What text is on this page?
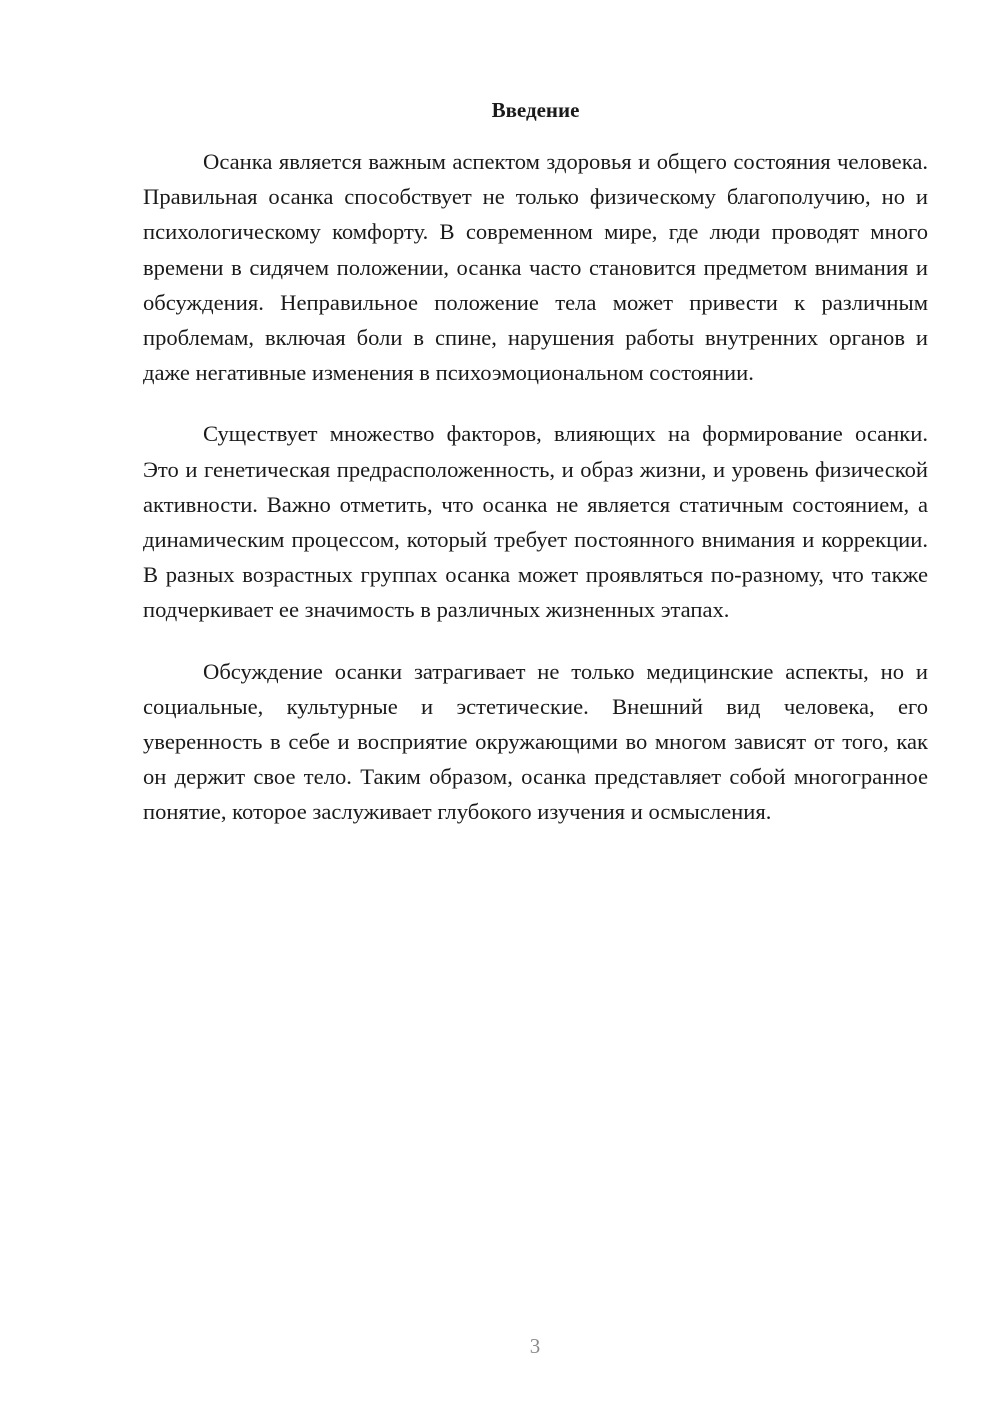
Введение

Осанка является важным аспектом здоровья и общего состояния человека. Правильная осанка способствует не только физическому благополучию, но и психологическому комфорту. В современном мире, где люди проводят много времени в сидячем положении, осанка часто становится предметом внимания и обсуждения. Неправильное положение тела может привести к различным проблемам, включая боли в спине, нарушения работы внутренних органов и даже негативные изменения в психоэмоциональном состоянии.

Существует множество факторов, влияющих на формирование осанки. Это и генетическая предрасположенность, и образ жизни, и уровень физической активности. Важно отметить, что осанка не является статичным состоянием, а динамическим процессом, который требует постоянного внимания и коррекции. В разных возрастных группах осанка может проявляться по-разному, что также подчеркивает ее значимость в различных жизненных этапах.

Обсуждение осанки затрагивает не только медицинские аспекты, но и социальные, культурные и эстетические. Внешний вид человека, его уверенность в себе и восприятие окружающими во многом зависят от того, как он держит свое тело. Таким образом, осанка представляет собой многогранное понятие, которое заслуживает глубокого изучения и осмысления.

3
